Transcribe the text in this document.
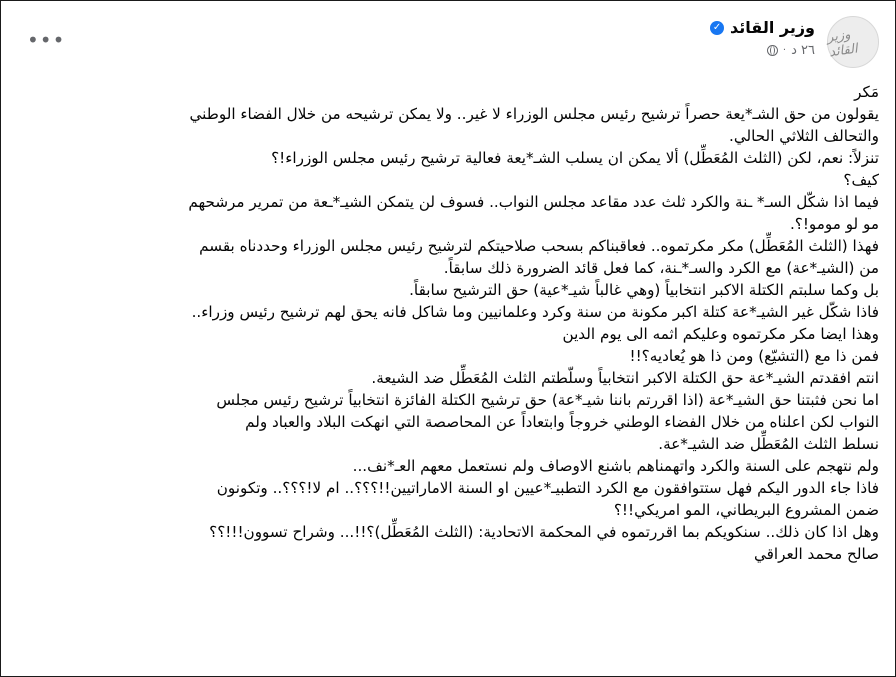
وزير القائد
وزير القائد
✓
٢٦ د
·
•••

مَكر

يقولون من حق الشـ*يعة حصراً ترشيح رئيس مجلس الوزراء لا غير.. ولا يمكن ترشيحه من خلال الفضاء الوطني

والتحالف الثلاثي الحالي.

تنزلاً: نعم، لكن (الثلث المُعَطِّل) ألا يمكن ان يسلب الشـ*يعة فعالية ترشيح رئيس مجلس الوزراء!؟

كيف؟

فيما اذا شكّل السـ* ـنة والكرد ثلث عدد مقاعد مجلس النواب.. فسوف لن يتمكن الشيـ*ـعة من تمرير مرشحهم

مو لو مومو!؟.

فهذا (الثلث المُعَطِّل) مكر مكرتموه.. فعاقبناكم بسحب صلاحيتكم لترشيح رئيس مجلس الوزراء وحددناه بقسم

من (الشيـ*عة) مع الكرد والسـ*ـنة، كما فعل قائد الضرورة ذلك سابقاً.

بل وكما سلبتم الكتلة الاكبر انتخابياً (وهي غالباً شيـ*عية) حق الترشيح سابقاً.

فاذا شكّل غير الشيـ*عة كتلة اكبر مكونة من سنة وكرد وعلمانيين وما شاكل فانه يحق لهم ترشيح رئيس وزراء..

وهذا ايضا مكر مكرتموه وعليكم اثمه الى يوم الدين

فمن ذا مع (التشيّع) ومن ذا هو يُعاديه؟!!

انتم افقدتم الشيـ*عة حق الكتلة الاكبر انتخابياً وسلّطتم الثلث المُعَطِّل ضد الشيعة.

اما نحن فثبتنا حق الشيـ*عة (اذا اقررتم باننا شيـ*عة) حق ترشيح الكتلة الفائزة انتخابياً ترشيح رئيس مجلس

النواب لكن اعلناه من خلال الفضاء الوطني خروجاً وابتعاداً عن المحاصصة التي انهكت البلاد والعباد ولم

نسلط الثلث المُعَطِّل ضد الشيـ*عة.

ولم نتهجم على السنة والكرد واتهمناهم باشنع الاوصاف ولم نستعمل معهم العـ*نف...

فاذا جاء الدور اليكم فهل ستتوافقون مع الكرد التطبيـ*عيين او السنة الاماراتيين!!؟؟؟.. ام لا!؟؟؟.. وتكونون

ضمن المشروع البريطاني، المو امريكي!!؟

وهل اذا كان ذلك.. سنكويكم بما اقررتموه في المحكمة الاتحادية: (الثلث المُعَطِّل)؟!!... وشراح تسوون!!!؟؟

صالح محمد العراقي
